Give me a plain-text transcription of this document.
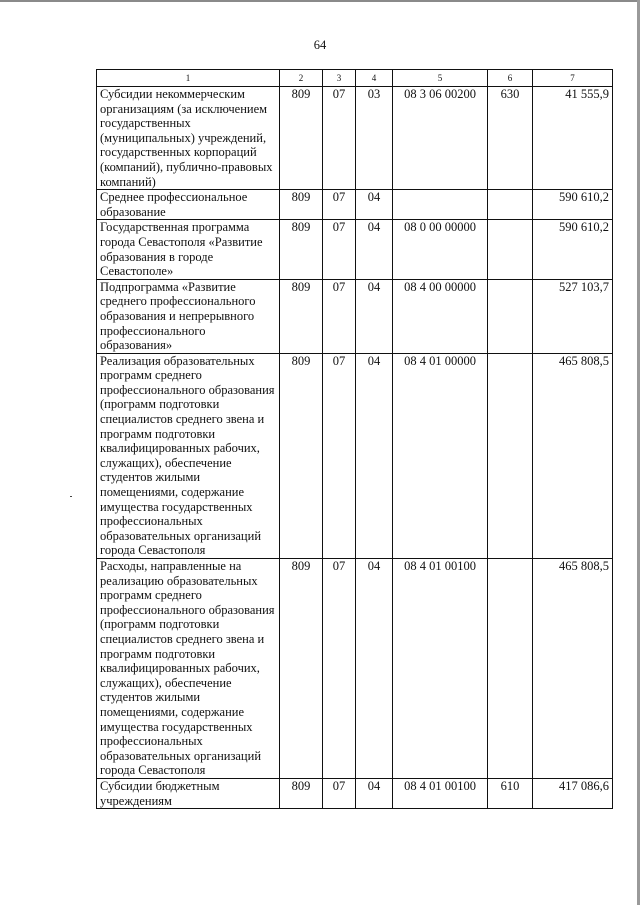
64
1	2	3	4	5	6	7
Субсидии некоммерческим организациям (за исключением государственных (муниципальных) учреждений, государственных корпораций (компаний), публично-правовых компаний)	809	07	03	08 3 06 00200	630	41 555,9
Среднее профессиональное образование	809	07	04			590 610,2
Государственная программа города Севастополя «Развитие образования в городе Севастополе»	809	07	04	08 0 00 00000		590 610,2
Подпрограмма «Развитие среднего профессионального образования и непрерывного профессионального образования»	809	07	04	08 4 00 00000		527 103,7
Реализация образовательных программ среднего профессионального образования (программ подготовки специалистов среднего звена и программ подготовки квалифицированных рабочих, служащих), обеспечение студентов жилыми помещениями, содержание имущества государственных профессиональных образовательных организаций города Севастополя	809	07	04	08 4 01 00000		465 808,5
Расходы, направленные на реализацию образовательных программ среднего профессионального образования (программ подготовки специалистов среднего звена и программ подготовки квалифицированных рабочих, служащих), обеспечение студентов жилыми помещениями, содержание имущества государственных профессиональных образовательных организаций города Севастополя	809	07	04	08 4 01 00100		465 808,5
Субсидии бюджетным учреждениям	809	07	04	08 4 01 00100	610	417 086,6
